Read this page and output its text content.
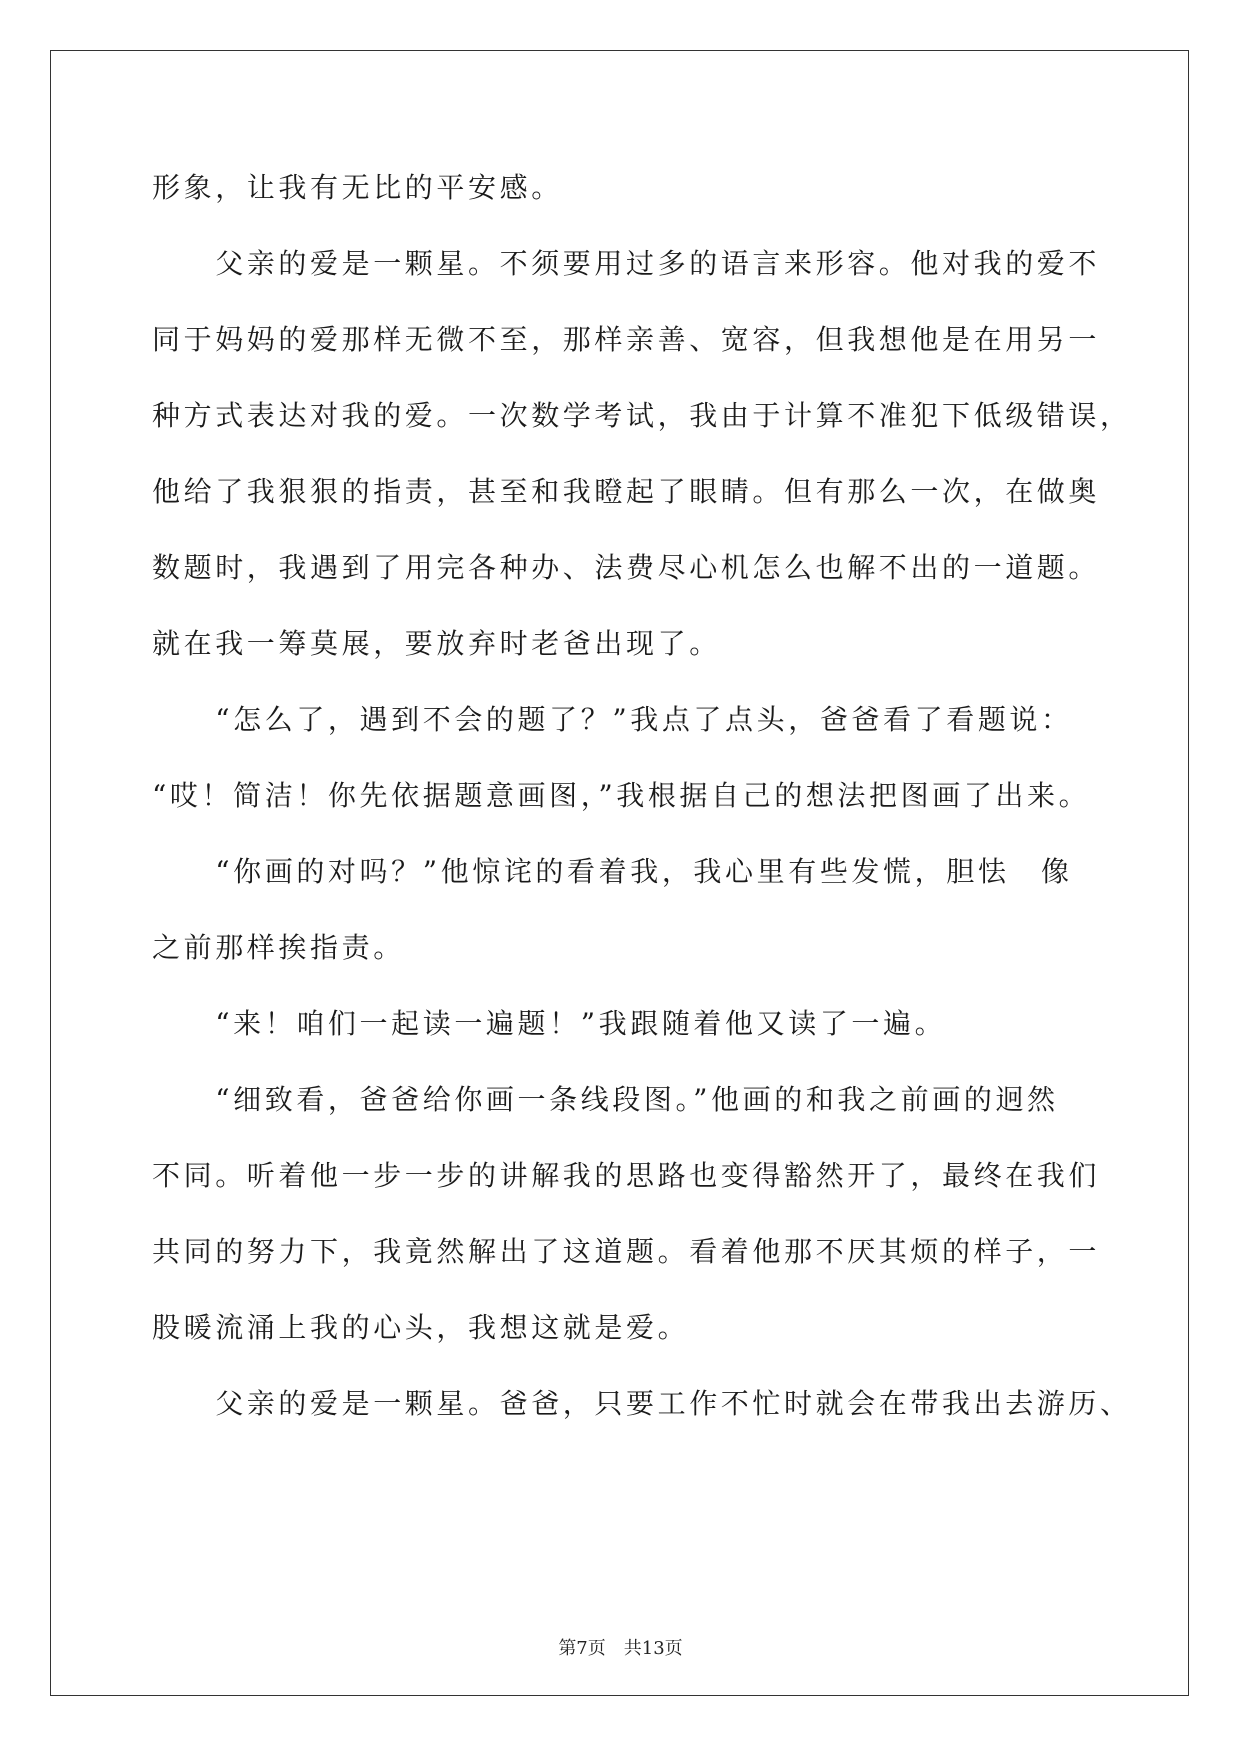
形象，让我有无比的平安感。
　　父亲的爱是一颗星。不须要用过多的语言来形容。他对我的爱不
同于妈妈的爱那样无微不至，那样亲善、宽容，但我想他是在用另一
种方式表达对我的爱。一次数学考试，我由于计算不准犯下低级错误，
他给了我狠狠的指责，甚至和我瞪起了眼睛。但有那么一次，在做奥
数题时，我遇到了用完各种办、法费尽心机怎么也解不出的一道题。
就在我一筹莫展，要放弃时老爸出现了。
　　“怎么了，遇到不会的题了？”我点了点头，爸爸看了看题说：
“哎！简洁！你先依据题意画图，”我根据自己的想法把图画了出来。
　　“你画的对吗？”他惊诧的看着我，我心里有些发慌，胆怯　像
之前那样挨指责。
　　“来！咱们一起读一遍题！”我跟随着他又读了一遍。
　　“细致看，爸爸给你画一条线段图。”他画的和我之前画的迥然
不同。听着他一步一步的讲解我的思路也变得豁然开了，最终在我们
共同的努力下，我竟然解出了这道题。看着他那不厌其烦的样子，一
股暖流涌上我的心头，我想这就是爱。
　　父亲的爱是一颗星。爸爸，只要工作不忙时就会在带我出去游历、
第7页　共13页
